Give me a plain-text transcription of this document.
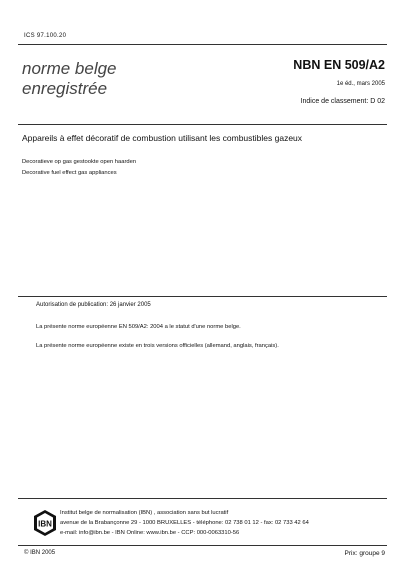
ICS 97.100.20
norme belge
enregistrée
NBN EN 509/A2
1e éd., mars 2005
Indice de classement: D 02
Appareils à effet décoratif de combustion utilisant les combustibles gazeux
Decoratieve op gas gestookte open haarden
Decorative fuel effect gas appliances
Autorisation de publication: 26 janvier 2005
La présente norme européenne EN 509/A2: 2004 a le statut d'une norme belge.
La présente norme européenne existe en trois versions officielles (allemand, anglais, français).
IBN
Institut belge de normalisation (IBN) , association sans but lucratif
avenue de la Brabançonne 29 - 1000 BRUXELLES - téléphone: 02 738 01 12 - fax: 02 733 42 64
e-mail: info@ibn.be - IBN Online: www.ibn.be - CCP: 000-0063310-56
© IBN 2005	Prix: groupe 9
